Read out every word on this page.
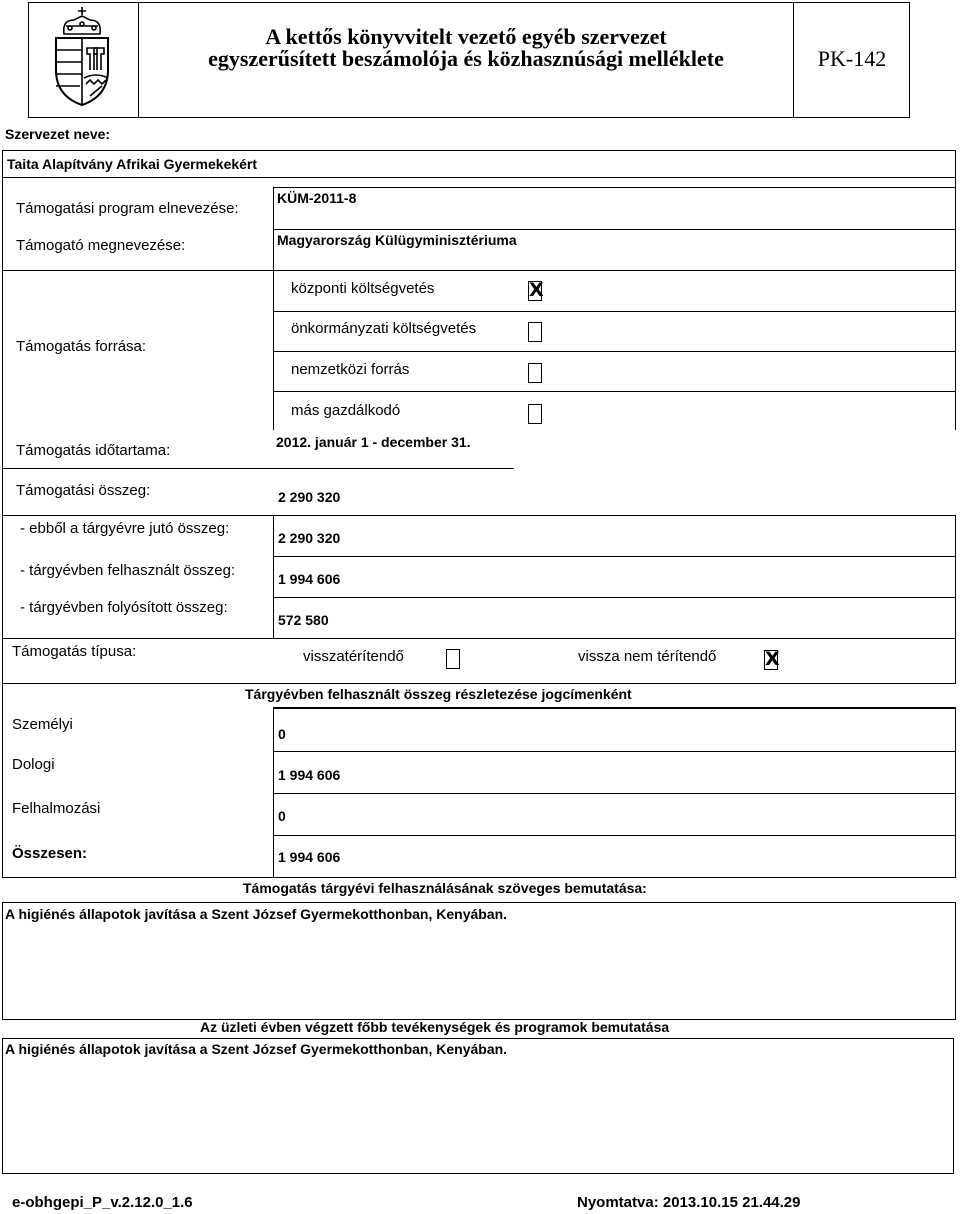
A kettős könyvvitelt vezető egyéb szervezet
egyszerűsített beszámolója és közhasznúsági melléklete	PK-142
Szervezet neve:
Taita Alapítvány Afrikai Gyermekekért
Támogatási program elnevezése:
KÜM-2011-8
Támogató megnevezése:	Magyarország Külügyminisztériuma
Támogatás forrása:
központi költségvetés	X
önkormányzati költségvetés
nemzetközi forrás
más gazdálkodó
Támogatás időtartama:	2012. január 1 - december 31.
Támogatási összeg:	2 290 320
- ebből a tárgyévre jutó összeg:
2 290 320
- tárgyévben felhasznált összeg:	1 994 606
- tárgyévben folyósított összeg:
572 580
Támogatás típusa:	visszatérítendő	vissza nem térítendő	X
Tárgyévben felhasznált összeg részletezése jogcímenként
Személyi
0
Dologi
1 994 606
Felhalmozási	0
Összesen:	1 994 606
Támogatás tárgyévi felhasználásának szöveges bemutatása:
A higiénés állapotok javítása a Szent József Gyermekotthonban, Kenyában.
Az üzleti évben végzett főbb tevékenységek és programok bemutatása
A higiénés állapotok javítása a Szent József Gyermekotthonban, Kenyában.
e-obhgepi_P_v.2.12.0_1.6	Nyomtatva: 2013.10.15 21.44.29
